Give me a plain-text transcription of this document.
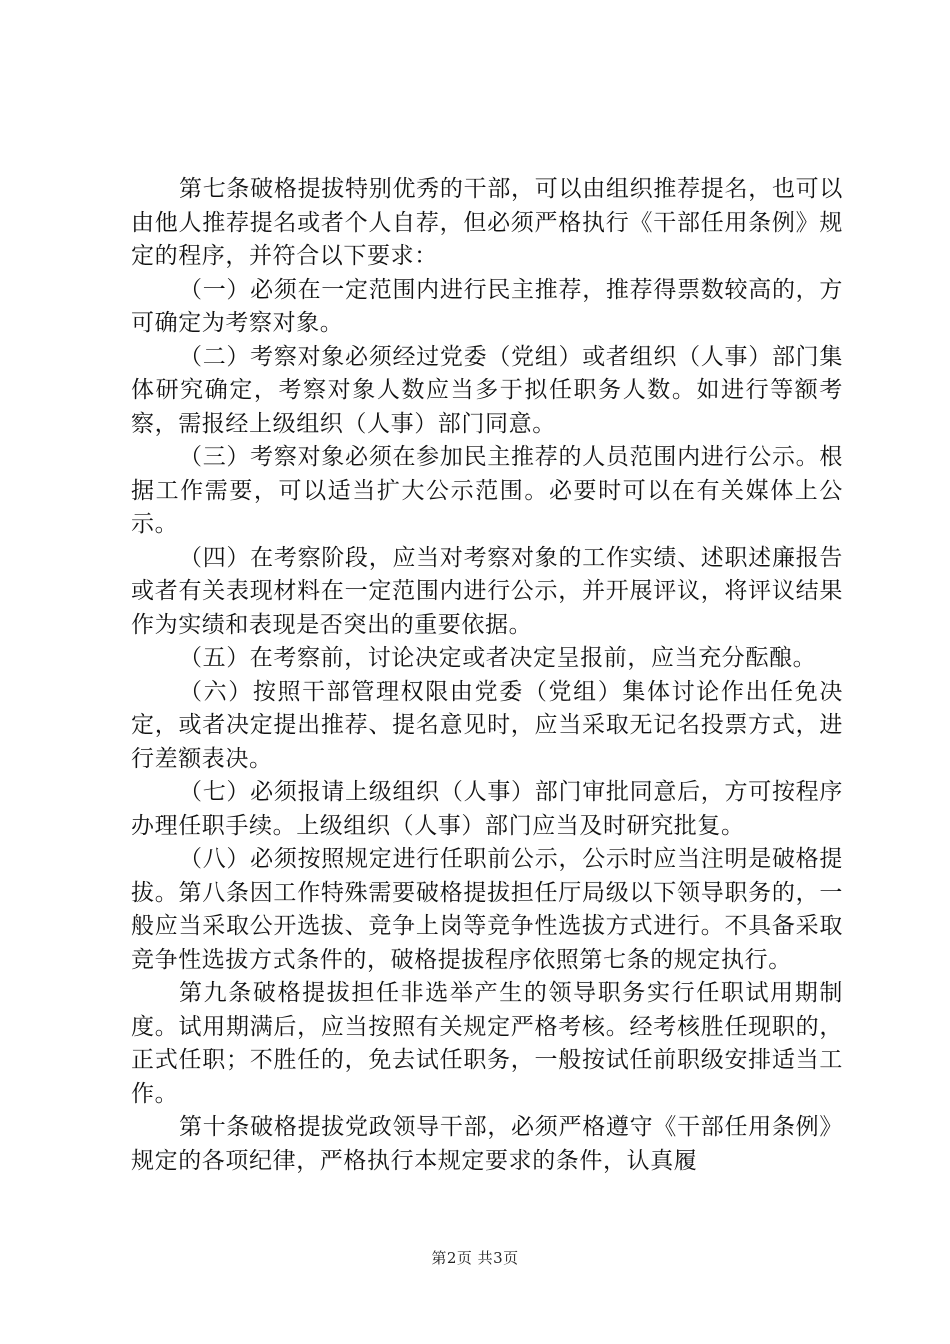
第七条破格提拔特别优秀的干部，可以由组织推荐提名，也可以由他人推荐提名或者个人自荐，但必须严格执行《干部任用条例》规定的程序，并符合以下要求：

（一）必须在一定范围内进行民主推荐，推荐得票数较高的，方可确定为考察对象。

（二）考察对象必须经过党委（党组）或者组织（人事）部门集体研究确定，考察对象人数应当多于拟任职务人数。如进行等额考察，需报经上级组织（人事）部门同意。

（三）考察对象必须在参加民主推荐的人员范围内进行公示。根据工作需要，可以适当扩大公示范围。必要时可以在有关媒体上公示。

（四）在考察阶段，应当对考察对象的工作实绩、述职述廉报告或者有关表现材料在一定范围内进行公示，并开展评议，将评议结果作为实绩和表现是否突出的重要依据。

（五）在考察前，讨论决定或者决定呈报前，应当充分酝酿。

（六）按照干部管理权限由党委（党组）集体讨论作出任免决定，或者决定提出推荐、提名意见时，应当采取无记名投票方式，进行差额表决。

（七）必须报请上级组织（人事）部门审批同意后，方可按程序办理任职手续。上级组织（人事）部门应当及时研究批复。

（八）必须按照规定进行任职前公示，公示时应当注明是破格提拔。第八条因工作特殊需要破格提拔担任厅局级以下领导职务的，一般应当采取公开选拔、竞争上岗等竞争性选拔方式进行。不具备采取竞争性选拔方式条件的，破格提拔程序依照第七条的规定执行。

第九条破格提拔担任非选举产生的领导职务实行任职试用期制度。试用期满后，应当按照有关规定严格考核。经考核胜任现职的，正式任职；不胜任的，免去试任职务，一般按试任前职级安排适当工作。

第十条破格提拔党政领导干部，必须严格遵守《干部任用条例》规定的各项纪律，严格执行本规定要求的条件，认真履

第2页 共3页
